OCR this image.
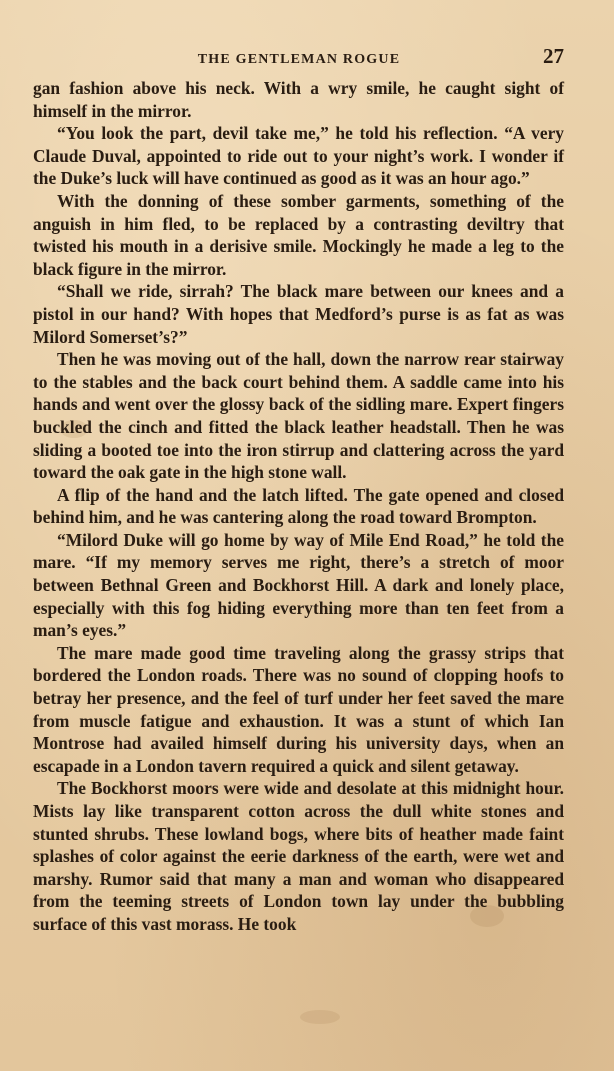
THE GENTLEMAN ROGUE	27

gan fashion above his neck. With a wry smile, he caught sight of himself in the mirror.

“You look the part, devil take me,” he told his reflection. “A very Claude Duval, appointed to ride out to your night’s work. I wonder if the Duke’s luck will have continued as good as it was an hour ago.”

With the donning of these somber garments, something of the anguish in him fled, to be replaced by a contrasting deviltry that twisted his mouth in a derisive smile. Mockingly he made a leg to the black figure in the mirror.

“Shall we ride, sirrah? The black mare between our knees and a pistol in our hand? With hopes that Medford’s purse is as fat as was Milord Somerset’s?”

Then he was moving out of the hall, down the narrow rear stairway to the stables and the back court behind them. A saddle came into his hands and went over the glossy back of the sidling mare. Expert fingers buckled the cinch and fitted the black leather headstall. Then he was sliding a booted toe into the iron stirrup and clattering across the yard toward the oak gate in the high stone wall.

A flip of the hand and the latch lifted. The gate opened and closed behind him, and he was cantering along the road toward Brompton.

“Milord Duke will go home by way of Mile End Road,” he told the mare. “If my memory serves me right, there’s a stretch of moor between Bethnal Green and Bockhorst Hill. A dark and lonely place, especially with this fog hiding everything more than ten feet from a man’s eyes.”

The mare made good time traveling along the grassy strips that bordered the London roads. There was no sound of clopping hoofs to betray her presence, and the feel of turf under her feet saved the mare from muscle fatigue and exhaustion. It was a stunt of which Ian Montrose had availed himself during his university days, when an escapade in a London tavern required a quick and silent getaway.

The Bockhorst moors were wide and desolate at this midnight hour. Mists lay like transparent cotton across the dull white stones and stunted shrubs. These lowland bogs, where bits of heather made faint splashes of color against the eerie darkness of the earth, were wet and marshy. Rumor said that many a man and woman who disappeared from the teeming streets of London town lay under the bubbling surface of this vast morass. He took
